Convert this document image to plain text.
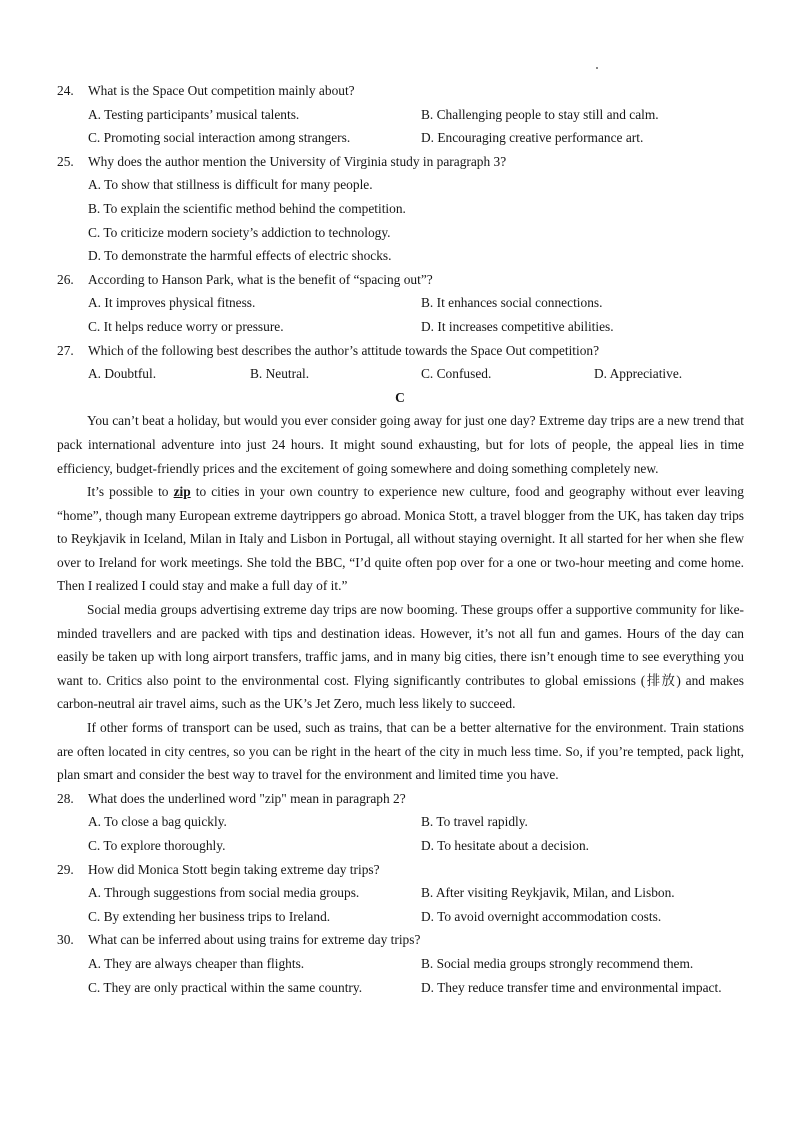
24. What is the Space Out competition mainly about?
A. Testing participants’ musical talents.	B. Challenging people to stay still and calm.
C. Promoting social interaction among strangers.	D. Encouraging creative performance art.
25. Why does the author mention the University of Virginia study in paragraph 3?
A. To show that stillness is difficult for many people.
B. To explain the scientific method behind the competition.
C. To criticize modern society’s addiction to technology.
D. To demonstrate the harmful effects of electric shocks.
26. According to Hanson Park, what is the benefit of “spacing out”?
A. It improves physical fitness.	B. It enhances social connections.
C. It helps reduce worry or pressure.	D. It increases competitive abilities.
27. Which of the following best describes the author’s attitude towards the Space Out competition?
A. Doubtful.	B. Neutral.	C. Confused.	D. Appreciative.
C

You can’t beat a holiday, but would you ever consider going away for just one day? Extreme day trips are a new trend that pack international adventure into just 24 hours. It might sound exhausting, but for lots of people, the appeal lies in time efficiency, budget-friendly prices and the excitement of going somewhere and doing something completely new.

It’s possible to zip to cities in your own country to experience new culture, food and geography without ever leaving “home”, though many European extreme daytrippers go abroad. Monica Stott, a travel blogger from the UK, has taken day trips to Reykjavik in Iceland, Milan in Italy and Lisbon in Portugal, all without staying overnight. It all started for her when she flew over to Ireland for work meetings. She told the BBC, “I’d quite often pop over for a one or two-hour meeting and come home. Then I realized I could stay and make a full day of it.”

Social media groups advertising extreme day trips are now booming. These groups offer a supportive community for like-minded travellers and are packed with tips and destination ideas. However, it’s not all fun and games. Hours of the day can easily be taken up with long airport transfers, traffic jams, and in many big cities, there isn’t enough time to see everything you want to. Critics also point to the environmental cost. Flying significantly contributes to global emissions (排放) and makes carbon-neutral air travel aims, such as the UK’s Jet Zero, much less likely to succeed.

If other forms of transport can be used, such as trains, that can be a better alternative for the environment. Train stations are often located in city centres, so you can be right in the heart of the city in much less time. So, if you’re tempted, pack light, plan smart and consider the best way to travel for the environment and limited time you have.

28. What does the underlined word "zip" mean in paragraph 2?
A. To close a bag quickly.	B. To travel rapidly.
C. To explore thoroughly.	D. To hesitate about a decision.
29. How did Monica Stott begin taking extreme day trips?
A. Through suggestions from social media groups.	B. After visiting Reykjavik, Milan, and Lisbon.
C. By extending her business trips to Ireland.	D. To avoid overnight accommodation costs.
30. What can be inferred about using trains for extreme day trips?
A. They are always cheaper than flights.	B. Social media groups strongly recommend them.
C. They are only practical within the same country.	D. They reduce transfer time and environmental impact.
